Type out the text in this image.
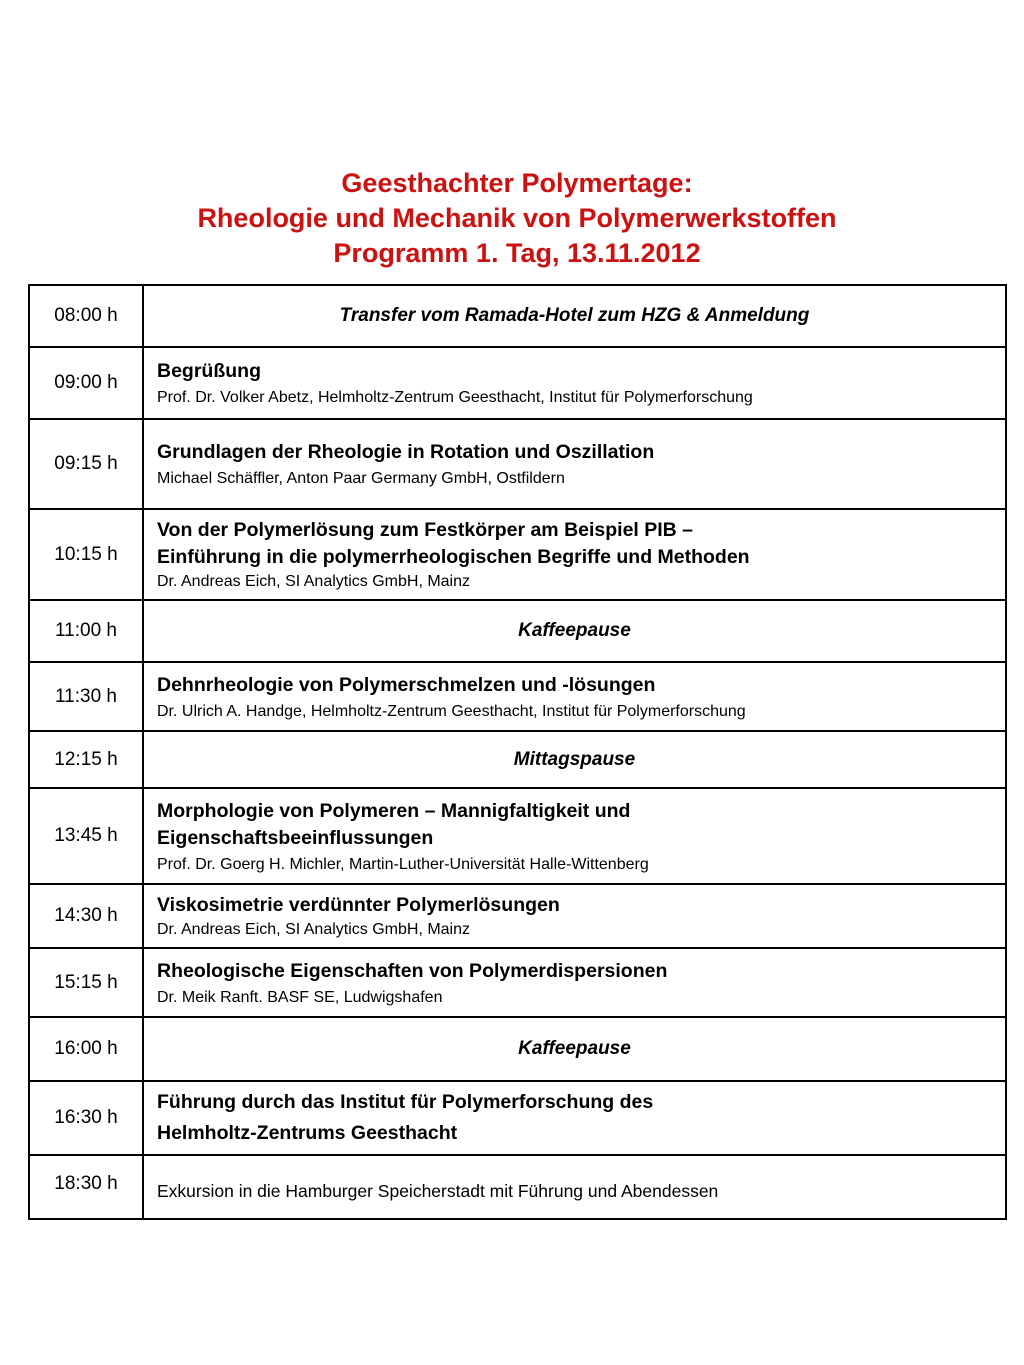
Geesthachter Polymertage:
Rheologie und Mechanik von Polymerwerkstoffen
Programm 1. Tag, 13.11.2012
08:00 h	Transfer vom Ramada-Hotel zum HZG & Anmeldung
09:00 h	Begrüßung
Prof. Dr. Volker Abetz, Helmholtz-Zentrum Geesthacht, Institut für Polymerforschung

09:15 h	Grundlagen der Rheologie in Rotation und Oszillation
Michael Schäffler, Anton Paar Germany GmbH, Ostfildern

10:15 h	Von der Polymerlösung zum Festkörper am Beispiel PIB –
Einführung in die polymerrheologischen Begriffe und Methoden
Dr. Andreas Eich, SI Analytics GmbH, Mainz

11:00 h	Kaffeepause
11:30 h	Dehnrheologie von Polymerschmelzen und -lösungen
Dr. Ulrich A. Handge, Helmholtz-Zentrum Geesthacht, Institut für Polymerforschung

12:15 h	Mittagspause
13:45 h	Morphologie von Polymeren – Mannigfaltigkeit und
Eigenschaftsbeeinflussungen
Prof. Dr. Goerg H. Michler, Martin-Luther-Universität Halle-Wittenberg

14:30 h	Viskosimetrie verdünnter Polymerlösungen
Dr. Andreas Eich, SI Analytics GmbH, Mainz

15:15 h	Rheologische Eigenschaften von Polymerdispersionen
Dr. Meik Ranft. BASF SE, Ludwigshafen

16:00 h	Kaffeepause
16:30 h	Führung durch das Institut für Polymerforschung des
Helmholtz-Zentrums Geesthacht

18:30 h	Exkursion in die Hamburger Speicherstadt mit Führung und Abendessen
